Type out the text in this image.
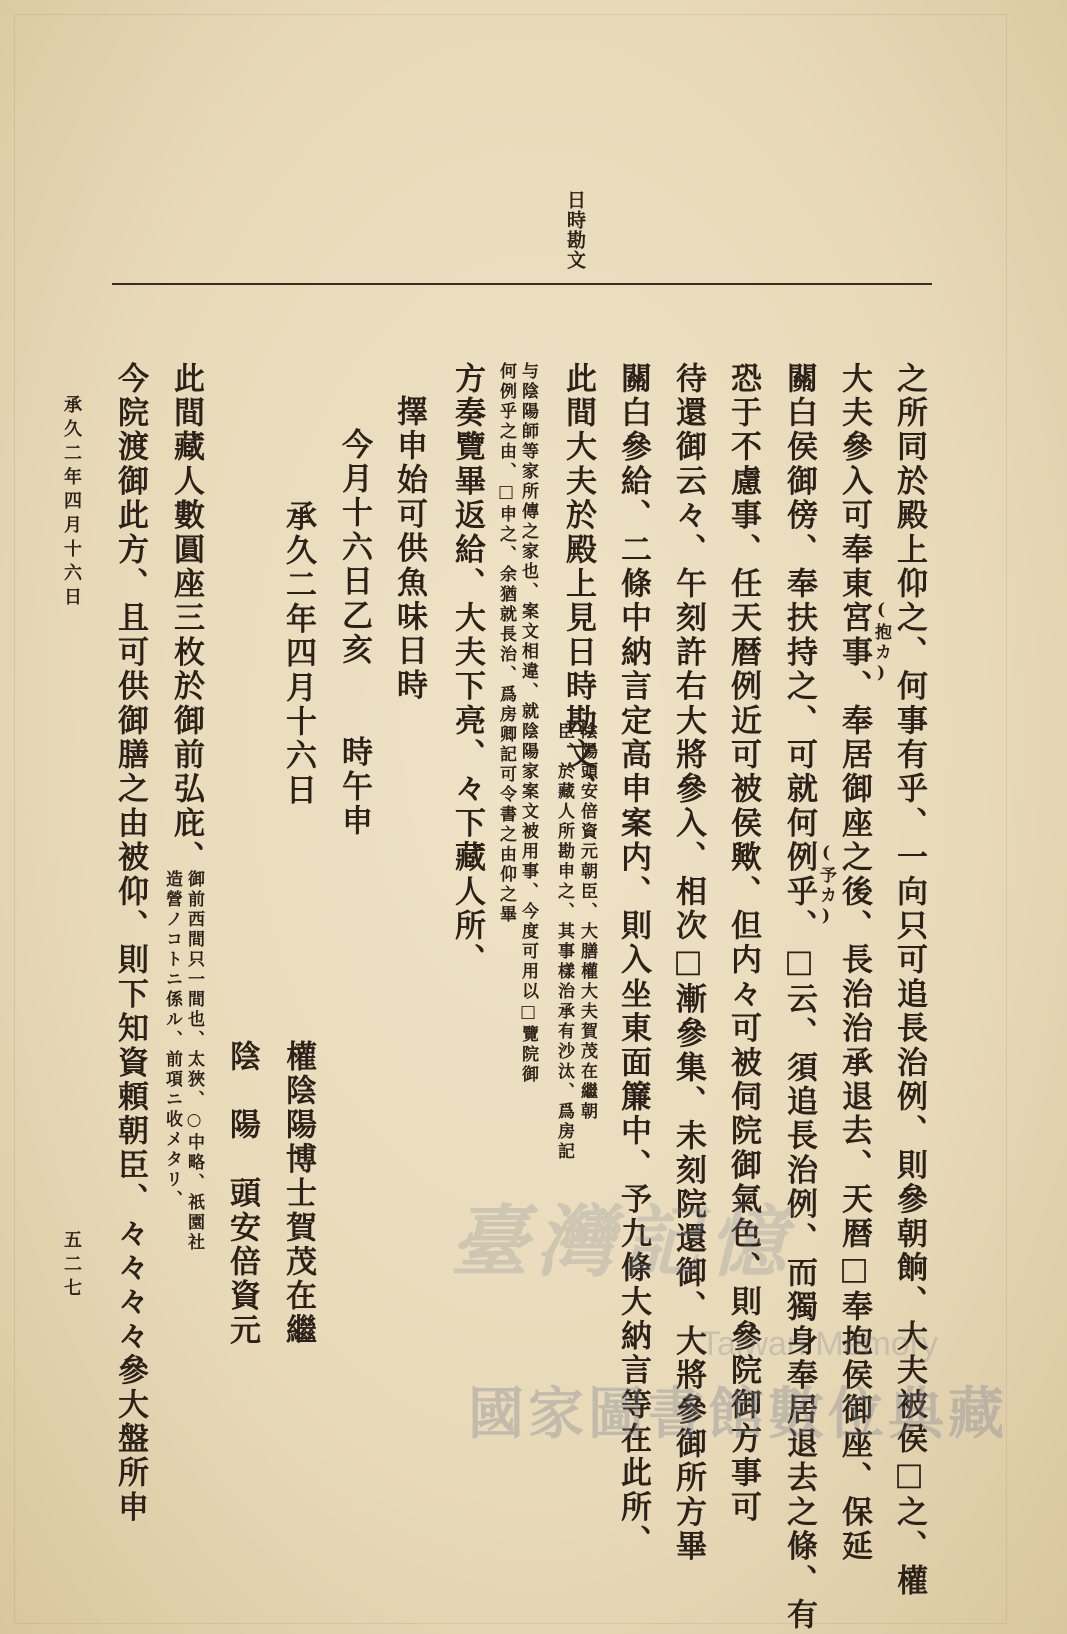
日時勘文
之所同於殿上仰之、何事有乎、一向只可追長治例、則參朝餉、大夫被侯□之、權
大夫參入可奉東宮事、奉居御座之後、長治治承退去、天暦□奉抱侯御座、保延 (抱カ)
關白侯御傍、奉扶持之、可就何例乎、□云、須追長治例、而獨身奉居退去之條、有 (予カ)
恐于不慮事、任天暦例近可被侯歟、但内々可被伺院御氣色、則參院御方事可
待還御云々、午刻許右大將參入、相次□漸參集、未刻院還御、大將參御所方畢
關白參給、二條中納言定高申案内、則入坐東面簾中、予九條大納言等在此所、
此間大夫於殿上見日時勘文、
陰陽頭安倍資元朝臣、大膳權大夫賀茂在繼朝
臣、於藏人所勘申之、其事樣治承有沙汰、爲房記
与陰陽師等家所傳之家也、案文相違、就陰陽家案文被用事、今度可用以□覽院御
何例乎之由、□申之、余猶就長治、爲房卿記可令書之由仰之畢
方奏覽畢返給、大夫下亮、々下藏人所、
擇申始可供魚味日時
今月十六日乙亥　　時午申
承久二年四月十六日
權陰陽博士賀茂在繼
陰　陽　頭安倍資元
此間藏人數圓座三枚於御前弘庇、
御前西間只一間也、太狹、○中略、祇園社
造營ノコトニ係ル、前項ニ收メタリ、
今院渡御此方、且可供御膳之由被仰、則下知資頼朝臣、々々々々參大盤所申
承久二年四月十六日
五二七	臺灣記憶
Taiwan Memory
國家圖書館數位典藏
